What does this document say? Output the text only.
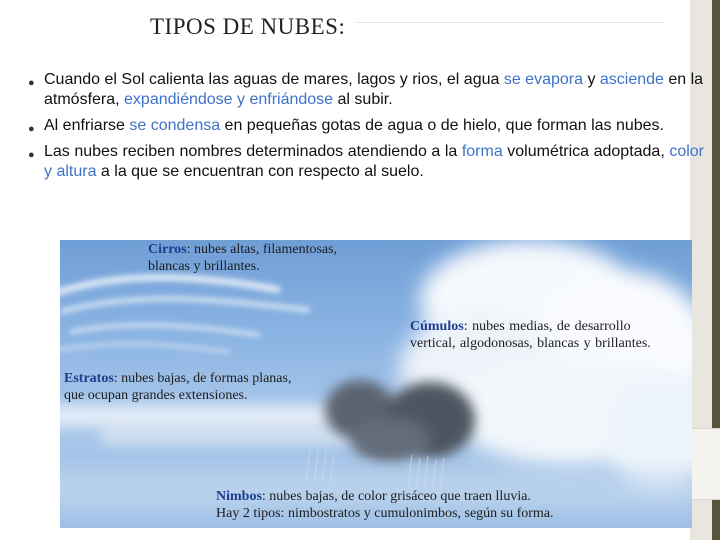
TIPOS DE NUBES:
● Cuando el Sol calienta las aguas de mares, lagos y rios, el agua se evapora y asciende en la atmósfera, expandiéndose y enfriándose al subir.
● Al enfriarse se condensa en pequeñas gotas de agua o de hielo, que forman las nubes.
● Las nubes reciben nombres determinados atendiendo a la forma volumétrica adoptada, color y altura a la que se encuentran con respecto al suelo.
Cirros: nubes altas, filamentosas,
blancas y brillantes.
Cúmulos: nubes medias, de desarrollo
vertical, algodonosas, blancas y brillantes.
Estratos: nubes bajas, de formas planas,
que ocupan grandes extensiones.
Nimbos: nubes bajas, de color grisáceo que traen lluvia.
Hay 2 tipos: nimbostratos y cumulonimbos, según su forma.
